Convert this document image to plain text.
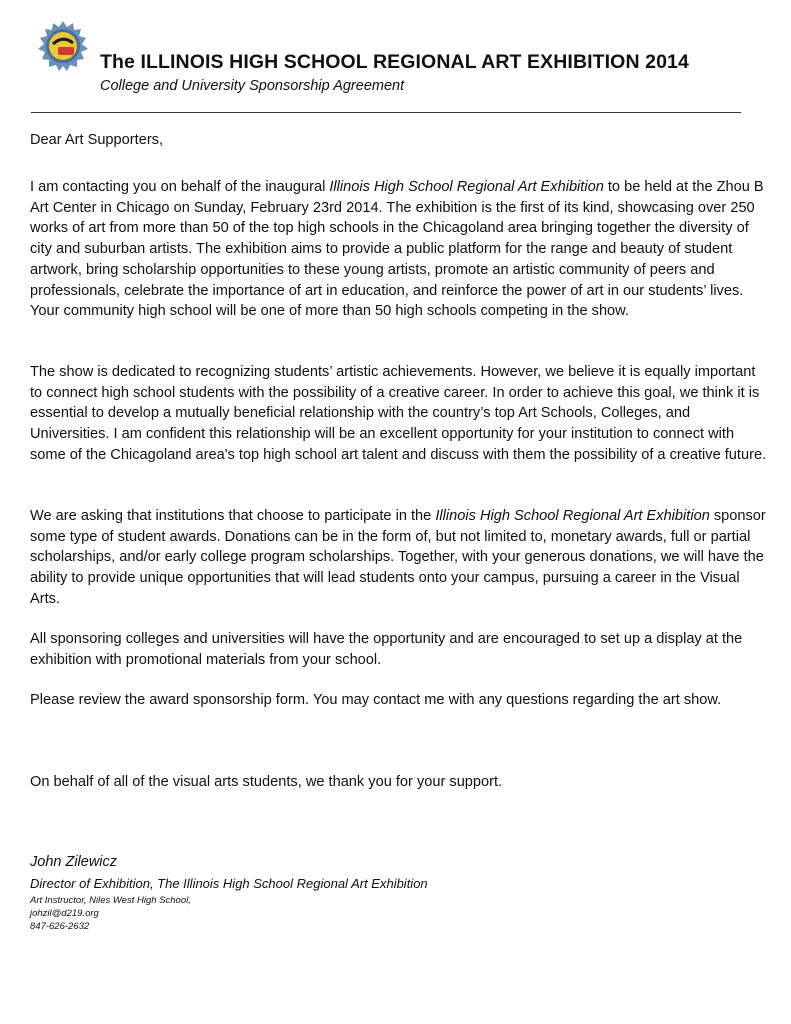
The ILLINOIS HIGH SCHOOL REGIONAL ART EXHIBITION 2014
College and University Sponsorship Agreement

Dear Art Supporters,

I am contacting you on behalf of the inaugural Illinois High School Regional Art Exhibition to be held at the Zhou B Art Center in Chicago on Sunday, February 23rd 2014. The exhibition is the first of its kind, showcasing over 250 works of art from more than 50 of the top high schools in the Chicagoland area bringing together the diversity of city and suburban artists. The exhibition aims to provide a public platform for the range and beauty of student artwork, bring scholarship opportunities to these young artists, promote an artistic community of peers and professionals, celebrate the importance of art in education, and reinforce the power of art in our students’ lives. Your community high school will be one of more than 50 high schools competing in the show.

The show is dedicated to recognizing students’ artistic achievements. However, we believe it is equally important to connect high school students with the possibility of a creative career. In order to achieve this goal, we think it is essential to develop a mutually beneficial relationship with the country’s top Art Schools, Colleges, and Universities. I am confident this relationship will be an excellent opportunity for your institution to connect with some of the Chicagoland area's top high school art talent and discuss with them the possibility of a creative future.

We are asking that institutions that choose to participate in the Illinois High School Regional Art Exhibition sponsor some type of student awards. Donations can be in the form of, but not limited to, monetary awards, full or partial scholarships, and/or early college program scholarships. Together, with your generous donations, we will have the ability to provide unique opportunities that will lead students onto your campus, pursuing a career in the Visual Arts.

All sponsoring colleges and universities will have the opportunity and are encouraged to set up a display at the exhibition with promotional materials from your school.

Please review the award sponsorship form. You may contact me with any questions regarding the art show.

On behalf of all of the visual arts students, we thank you for your support.

John Zilewicz
Director of Exhibition, The Illinois High School Regional Art Exhibition
Art Instructor, Niles West High School,
johzil@d219.org
847-626-2632
